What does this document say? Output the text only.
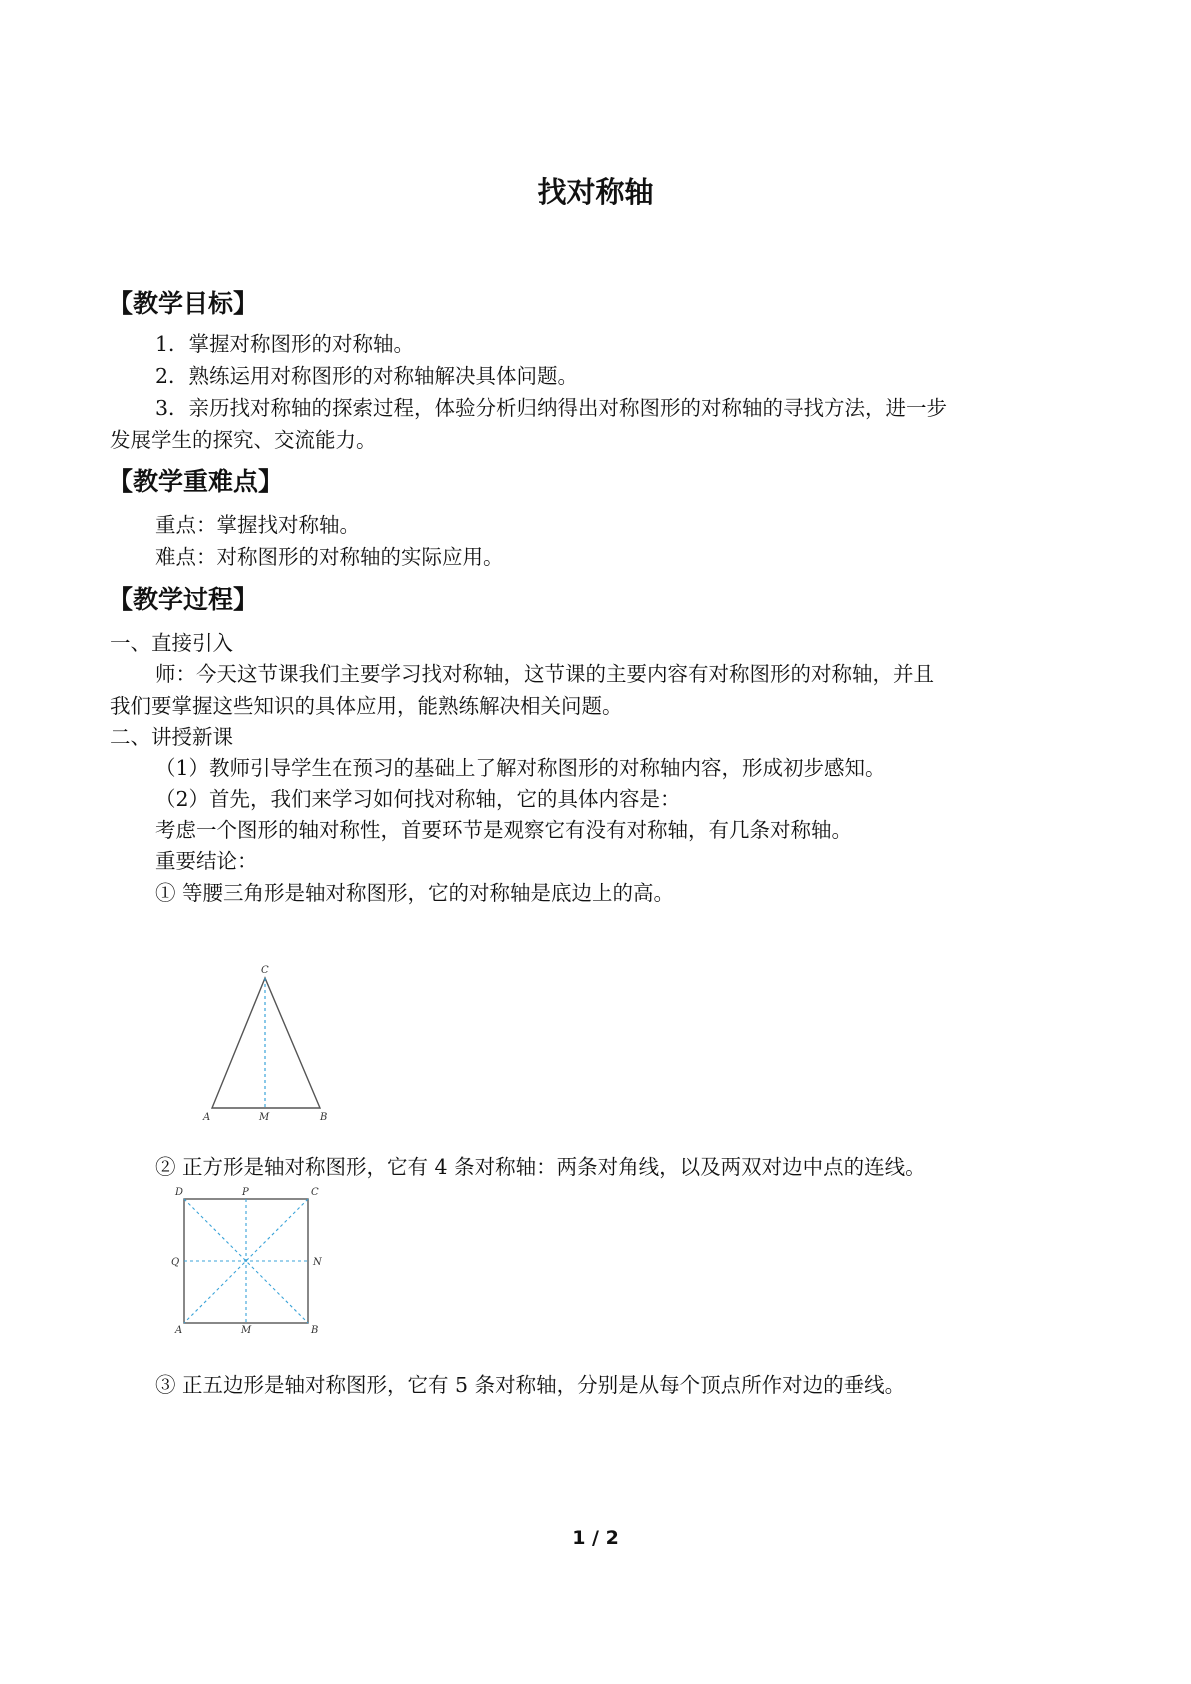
找对称轴
【教学目标】
1．掌握对称图形的对称轴。
2．熟练运用对称图形的对称轴解决具体问题。
3．亲历找对称轴的探索过程，体验分析归纳得出对称图形的对称轴的寻找方法，进一步
发展学生的探究、交流能力。
【教学重难点】
重点：掌握找对称轴。
难点：对称图形的对称轴的实际应用。
【教学过程】
一、直接引入
师：今天这节课我们主要学习找对称轴，这节课的主要内容有对称图形的对称轴，并且
我们要掌握这些知识的具体应用，能熟练解决相关问题。
二、讲授新课
（1）教师引导学生在预习的基础上了解对称图形的对称轴内容，形成初步感知。
（2）首先，我们来学习如何找对称轴，它的具体内容是：
考虑一个图形的轴对称性，首要环节是观察它有没有对称轴，有几条对称轴。
重要结论：
① 等腰三角形是轴对称图形，它的对称轴是底边上的高。
C
A	M	B
② 正方形是轴对称图形，它有 4 条对称轴：两条对角线，以及两双对边中点的连线。
D	P	C
Q	N
A	M	B
③ 正五边形是轴对称图形，它有 5 条对称轴，分别是从每个顶点所作对边的垂线。
1 / 2
